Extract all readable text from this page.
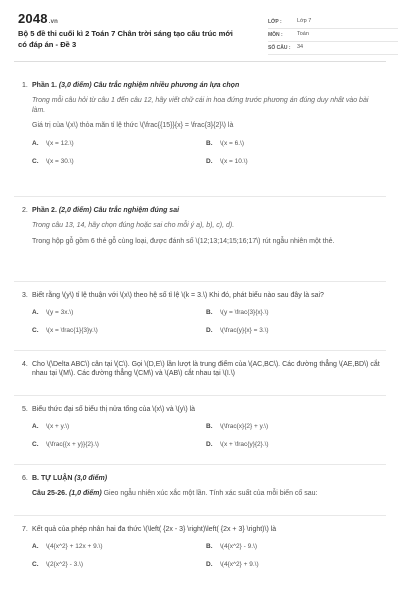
2048.vn
Bộ 5 đề thi cuối kì 2 Toán 7 Chân trời sáng tạo cấu trúc mới có đáp án - Đề 3
LỚP :	Lớp 7
MÔN :	Toán
SỐ CÂU :	34
1. Phần 1. (3,0 điểm) Câu trắc nghiệm nhiều phương án lựa chọn
Trong mỗi câu hỏi từ câu 1 đến câu 12, hãy viết chữ cái in hoa đứng trước phương án đúng duy nhất vào bài làm.
Giá trị của \(x\) thỏa mãn tỉ lệ thức \(\frac{{15}}{x} = \frac{3}{2}\) là
A.	\(x = 12.\)	B.	\(x = 6.\)
C.	\(x = 30.\)	D.	\(x = 10.\)
2. Phần 2. (2,0 điểm) Câu trắc nghiệm đúng sai
Trong câu 13, 14, hãy chọn đúng hoặc sai cho mỗi ý a), b), c), d).
Trong hộp gỗ gồm 6 thẻ gỗ cùng loại, được đánh số \(12;13;14;15;16;17\) rút ngẫu nhiên một thẻ.
3. Biết rằng \(y\) tỉ lệ thuận với \(x\) theo hệ số tỉ lệ \(k = 3.\) Khi đó, phát biểu nào sau đây là sai?
A.	\(y = 3x.\)	B.	\(y = \frac{3}{x}.\)
C.	\(x = \frac{1}{3}y.\)	D.	\(\frac{y}{x} = 3.\)
4. Cho \(\Delta ABC\) cân tại \(C\). Gọi \(D,E\) lần lượt là trung điểm của \(AC,BC\). Các đường thẳng \(AE,BD\) cắt nhau tại \(M\). Các đường thẳng \(CM\) và \(AB\) cắt nhau tại \(I.\)
5. Biểu thức đại số biểu thị nửa tổng của \(x\) và \(y\) là
A.	\(x + y.\)	B.	\(\frac{x}{2} + y.\)
C.	\(\frac{{x + y}}{2}.\)	D.	\(x + \frac{y}{2}.\)
6. B. TỰ LUẬN (3,0 điểm)
Câu 25-26. (1,0 điểm) Gieo ngẫu nhiên xúc xắc một lần. Tính xác suất của mỗi biến cố sau:
7. Kết quả của phép nhân hai đa thức \(\left( {2x - 3} \right)\left( {2x + 3} \right)\) là
A.	\(4{x^2} + 12x + 9.\)	B.	\(4{x^2} - 9.\)
C.	\(2{x^2} - 3.\)	D.	\(4{x^2} + 9.\)
